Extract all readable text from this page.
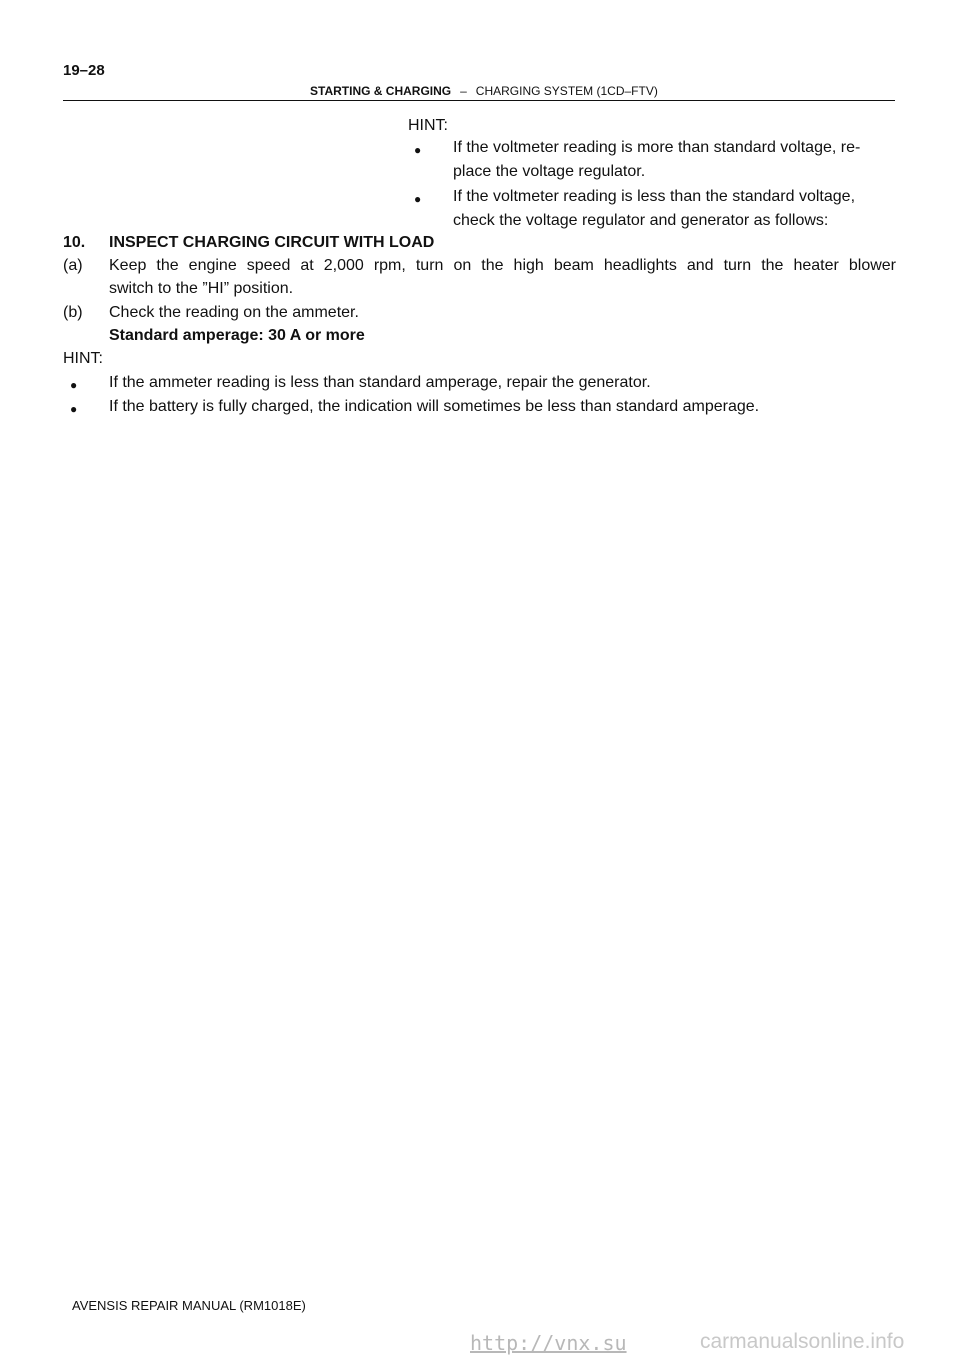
19–28
STARTING & CHARGING – CHARGING SYSTEM (1CD–FTV)
HINT:
● If the voltmeter reading is more than standard voltage, re-
place the voltage regulator.
● If the voltmeter reading is less than the standard voltage,
check the voltage regulator and generator as follows:
10. INSPECT CHARGING CIRCUIT WITH LOAD
(a) Keep the engine speed at 2,000 rpm, turn on the high beam headlights and turn the heater blower
switch to the ”HI” position.
(b) Check the reading on the ammeter.
Standard amperage: 30 A or more
HINT:
● If the ammeter reading is less than standard amperage, repair the generator.
● If the battery is fully charged, the indication will sometimes be less than standard amperage.
AVENSIS REPAIR MANUAL (RM1018E)
http://vnx.su	carmanualsonline.info
